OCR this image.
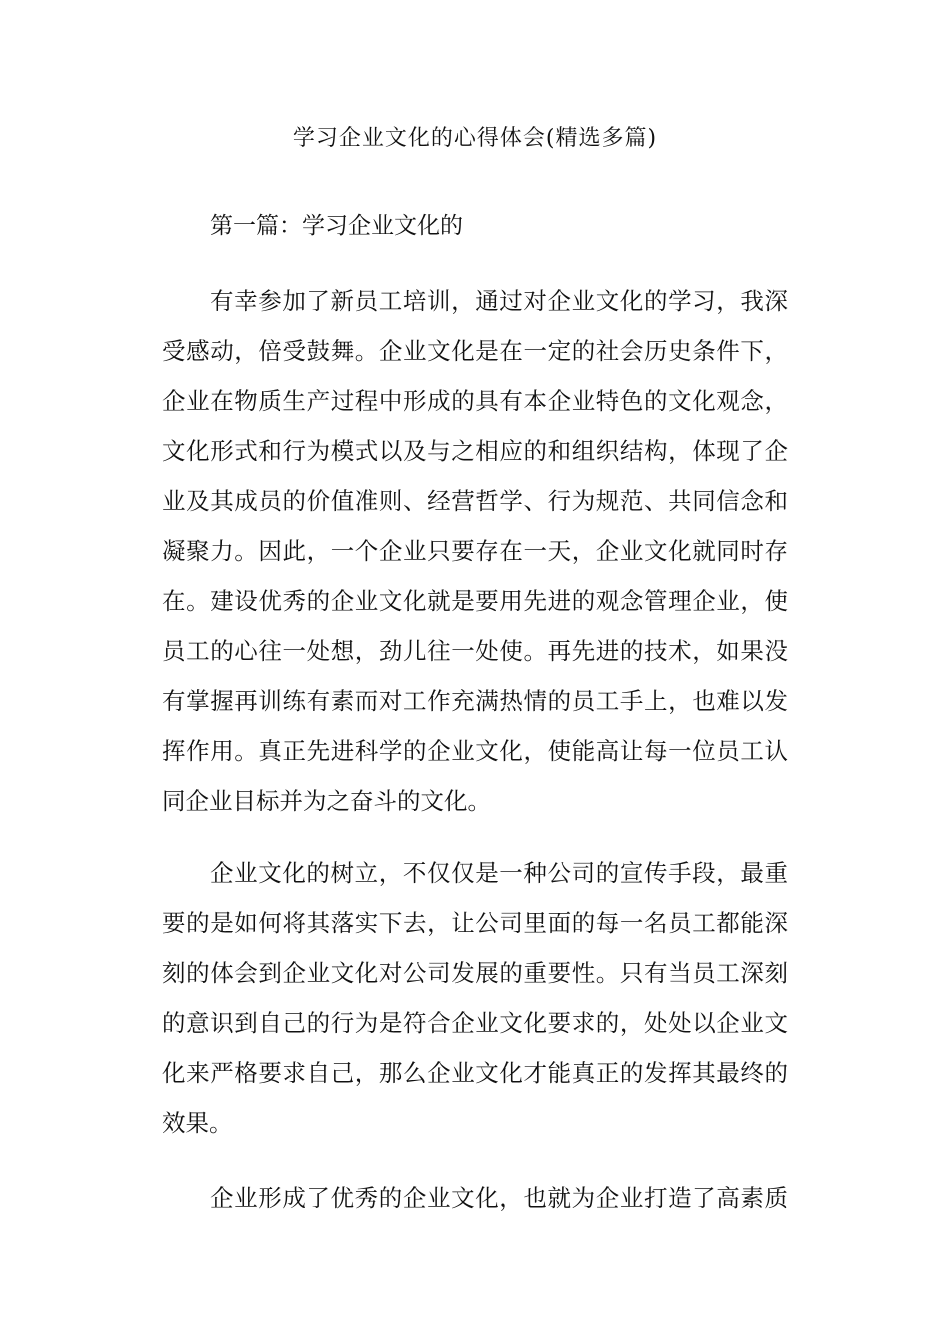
学习企业文化的心得体会(精选多篇)
第一篇：学习企业文化的
有幸参加了新员工培训，通过对企业文化的学习，我深
受感动，倍受鼓舞。企业文化是在一定的社会历史条件下，
企业在物质生产过程中形成的具有本企业特色的文化观念，
文化形式和行为模式以及与之相应的和组织结构，体现了企
业及其成员的价值准则、经营哲学、行为规范、共同信念和
凝聚力。因此，一个企业只要存在一天，企业文化就同时存
在。建设优秀的企业文化就是要用先进的观念管理企业，使
员工的心往一处想，劲儿往一处使。再先进的技术，如果没
有掌握再训练有素而对工作充满热情的员工手上，也难以发
挥作用。真正先进科学的企业文化，使能高让每一位员工认
同企业目标并为之奋斗的文化。
企业文化的树立，不仅仅是一种公司的宣传手段，最重
要的是如何将其落实下去，让公司里面的每一名员工都能深
刻的体会到企业文化对公司发展的重要性。只有当员工深刻
的意识到自己的行为是符合企业文化要求的，处处以企业文
化来严格要求自己，那么企业文化才能真正的发挥其最终的
效果。
企业形成了优秀的企业文化，也就为企业打造了高素质
